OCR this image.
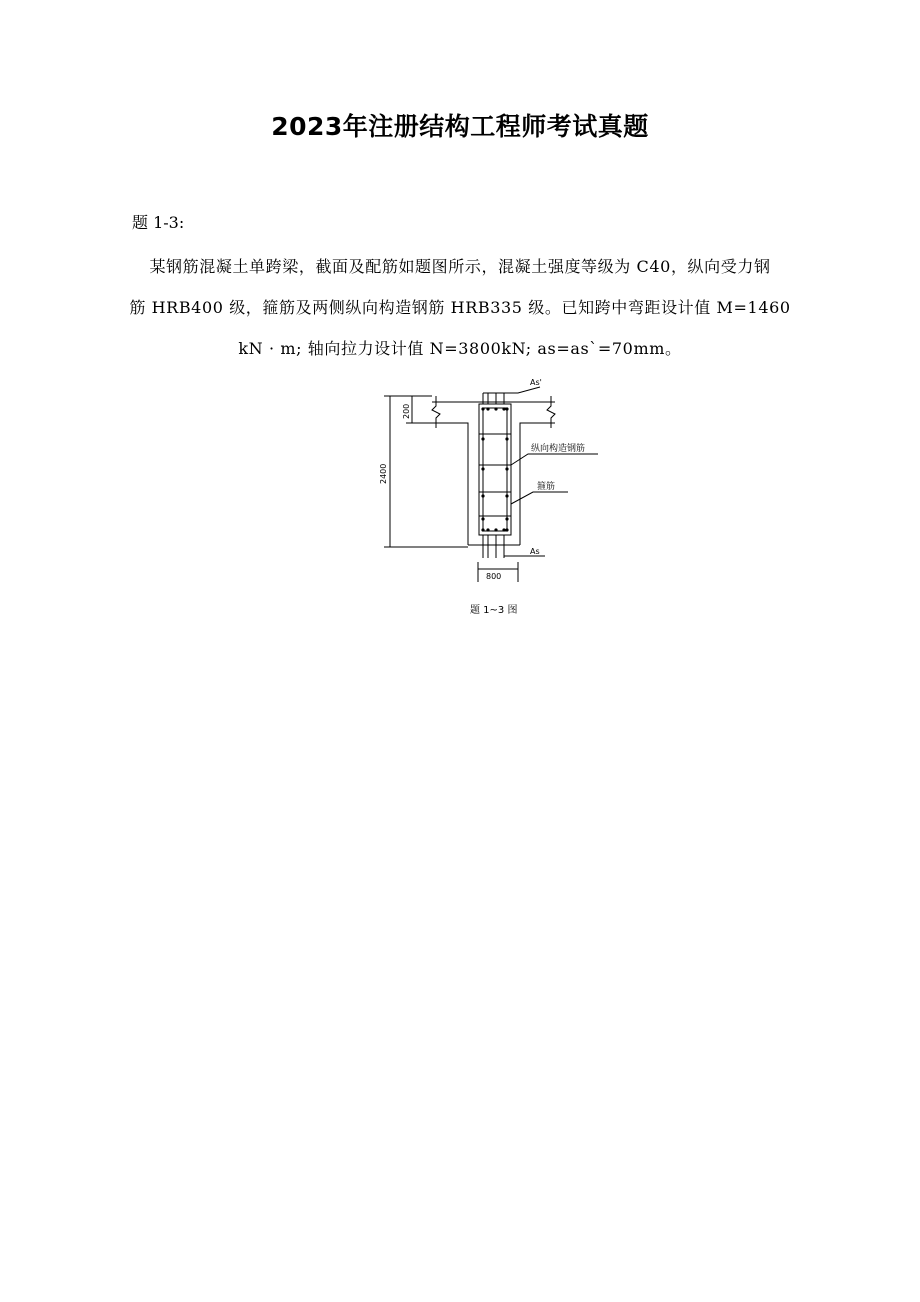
2023年注册结构工程师考试真题

题 1-3:

某钢筋混凝土单跨梁，截面及配筋如题图所示，混凝土强度等级为 C40，纵向受力钢

筋 HRB400 级，箍筋及两侧纵向构造钢筋 HRB335 级。已知跨中弯距设计值 M=1460

kN · m; 轴向拉力设计值 N=3800kN; as=as`=70mm。

As'
As
纵向构造钢筋
箍筋
800
2400
200
题 1~3 图
